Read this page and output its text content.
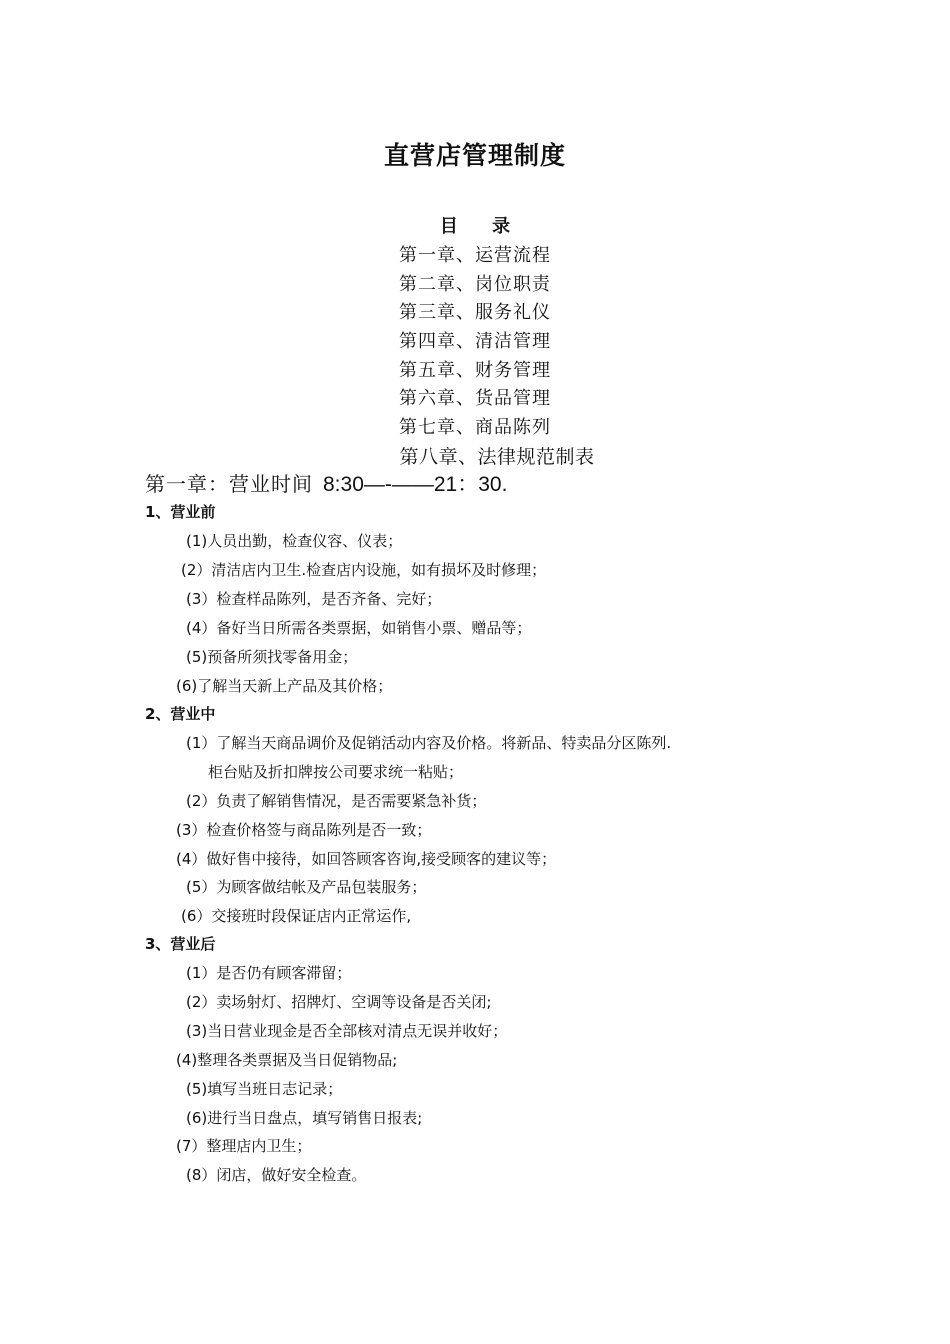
直营店管理制度
目 录
第一章、运营流程
第二章、岗位职责
第三章、服务礼仪
第四章、清洁管理
第五章、财务管理
第六章、货品管理
第七章、商品陈列
第八章、法律规范制表
第一章：营业时间 8:30—-——21：30.
1、营业前
(1)人员出勤，检查仪容、仪表；
(2）清洁店内卫生.检查店内设施，如有损坏及时修理；
(3）检查样品陈列，是否齐备、完好；
(4）备好当日所需各类票据，如销售小票、赠品等；
(5)预备所须找零备用金；
(6)了解当天新上产品及其价格；
2、营业中
(1）了解当天商品调价及促销活动内容及价格。将新品、特卖品分区陈列.
柜台贴及折扣牌按公司要求统一粘贴；
(2）负责了解销售情况，是否需要紧急补货；
(3）检查价格签与商品陈列是否一致；
(4）做好售中接待，如回答顾客咨询,接受顾客的建议等；
(5）为顾客做结帐及产品包装服务；
(6）交接班时段保证店内正常运作,
3、营业后
(1）是否仍有顾客滞留；
(2）卖场射灯、招牌灯、空调等设备是否关闭;
(3)当日营业现金是否全部核对清点无误并收好；
(4)整理各类票据及当日促销物品;
(5)填写当班日志记录；
(6)进行当日盘点，填写销售日报表;
(7）整理店内卫生；
(8）闭店，做好安全检查。
